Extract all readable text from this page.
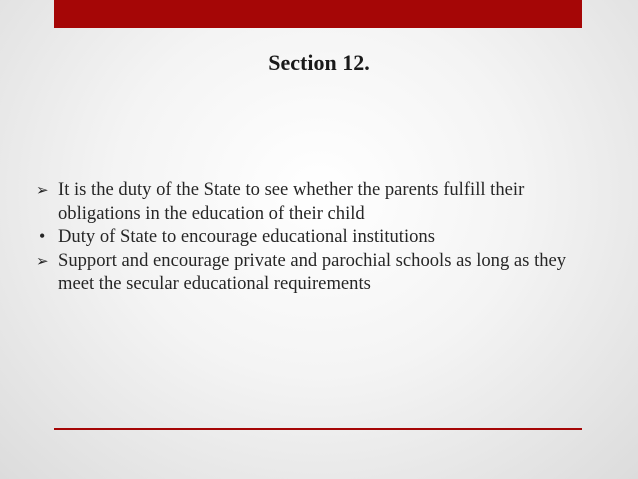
Section 12.
➢ It is the duty of the State to see whether the parents fulfill their obligations in the education of their child
• Duty of State to encourage educational institutions
➢ Support and encourage private and parochial schools as long as they meet the secular educational requirements
